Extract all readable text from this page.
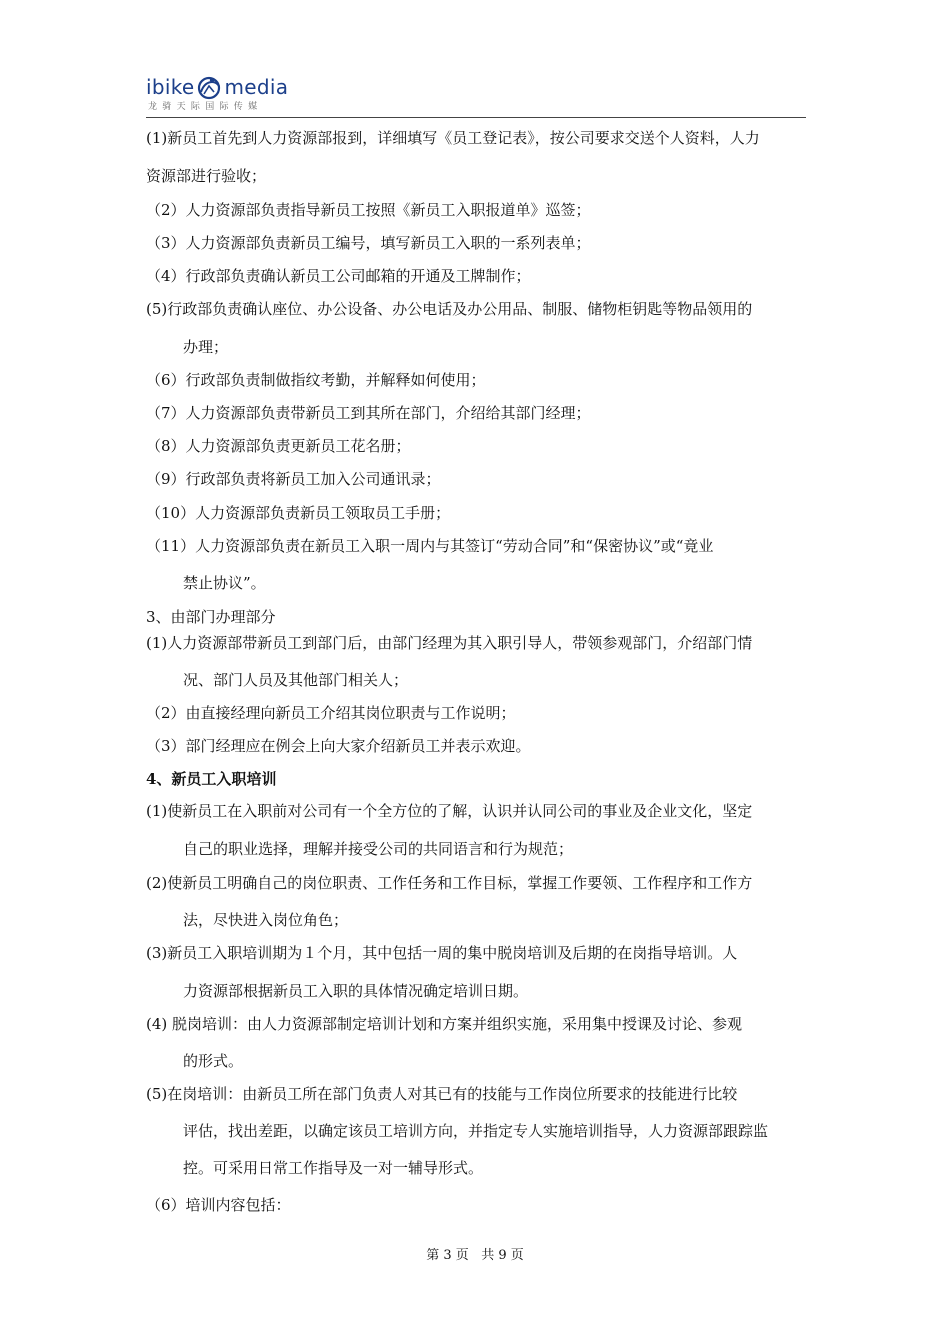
ibike media
龙骑天际国际传媒
(1)新员工首先到人力资源部报到，详细填写《员工登记表》，按公司要求交送个人资料，人力
资源部进行验收；
（2）人力资源部负责指导新员工按照《新员工入职报道单》巡签；
（3）人力资源部负责新员工编号，填写新员工入职的一系列表单；
（4）行政部负责确认新员工公司邮箱的开通及工牌制作；
(5)行政部负责确认座位、办公设备、办公电话及办公用品、制服、储物柜钥匙等物品领用的
办理；
（6）行政部负责制做指纹考勤，并解释如何使用；
（7）人力资源部负责带新员工到其所在部门，介绍给其部门经理；
（8）人力资源部负责更新员工花名册；
（9）行政部负责将新员工加入公司通讯录；
（10）人力资源部负责新员工领取员工手册；
（11）人力资源部负责在新员工入职一周内与其签订“劳动合同”和“保密协议”或“竟业
禁止协议”。
3、由部门办理部分
(1)人力资源部带新员工到部门后，由部门经理为其入职引导人，带领参观部门，介绍部门情
况、部门人员及其他部门相关人；
（2）由直接经理向新员工介绍其岗位职责与工作说明；
（3）部门经理应在例会上向大家介绍新员工并表示欢迎。
4、新员工入职培训
(1)使新员工在入职前对公司有一个全方位的了解，认识并认同公司的事业及企业文化，坚定
自己的职业选择，理解并接受公司的共同语言和行为规范；
(2)使新员工明确自己的岗位职责、工作任务和工作目标，掌握工作要领、工作程序和工作方
法，尽快进入岗位角色；
(3)新员工入职培训期为１个月，其中包括一周的集中脱岗培训及后期的在岗指导培训。人
力资源部根据新员工入职的具体情况确定培训日期。
(4) 脱岗培训：由人力资源部制定培训计划和方案并组织实施，采用集中授课及讨论、参观
的形式。
(5)在岗培训：由新员工所在部门负责人对其已有的技能与工作岗位所要求的技能进行比较
评估，找出差距，以确定该员工培训方向，并指定专人实施培训指导，人力资源部跟踪监
控。可采用日常工作指导及一对一辅导形式。
（6）培训内容包括：
第 3 页 共 9 页
